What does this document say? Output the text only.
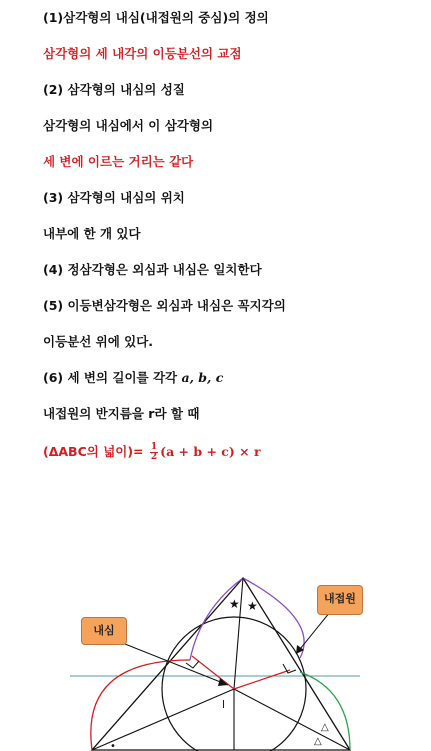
(1)삼각형의 내심(내접원의 중심)의 정의
삼각형의 세 내각의 이등분선의 교점
(2) 삼각형의 내심의 성질
삼각형의 내심에서 이 삼각형의
세 변에 이르는 거리는 같다
(3) 삼각형의 내심의 위치
내부에 한 개 있다
(4) 정삼각형은 외심과 내심은 일치한다
(5) 이등변삼각형은 외심과 내심은 꼭지각의
이등분선 위에 있다.
(6) 세 변의 길이를 각각 a, b, c
내접원의 반지름을 r라 할 때
(ΔABC의 넓이)= $\frac{1}{2} (a + b + c) \times r$
★ ★
△
△
•
l
내심
내접원
